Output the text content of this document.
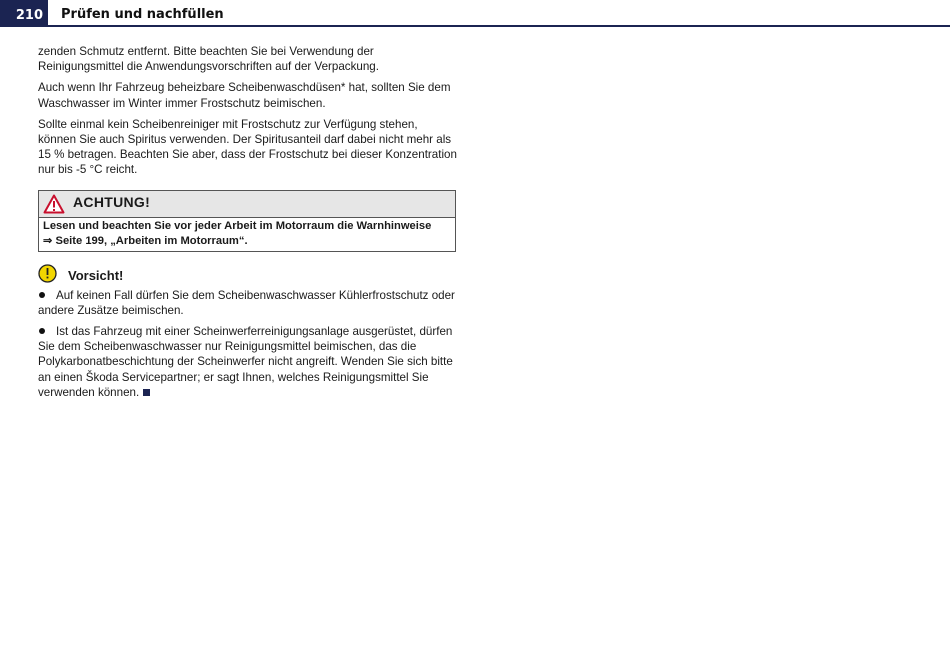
210	Prüfen und nachfüllen

zenden Schmutz entfernt. Bitte beachten Sie bei Verwendung der Reinigungsmittel die Anwendungsvorschriften auf der Verpackung.

Auch wenn Ihr Fahrzeug beheizbare Scheibenwaschdüsen* hat, sollten Sie dem Waschwasser im Winter immer Frostschutz beimischen.

Sollte einmal kein Scheibenreiniger mit Frostschutz zur Verfügung stehen, können Sie auch Spiritus verwenden. Der Spiritusanteil darf dabei nicht mehr als 15 % betragen. Beachten Sie aber, dass der Frostschutz bei dieser Konzentration nur bis -5 °C reicht.

ACHTUNG!
Lesen und beachten Sie vor jeder Arbeit im Motorraum die Warnhinweise
⇒ Seite 199, „Arbeiten im Motorraum“.
Vorsicht!

Auf keinen Fall dürfen Sie dem Scheibenwaschwasser Kühlerfrostschutz oder andere Zusätze beimischen.

Ist das Fahrzeug mit einer Scheinwerferreinigungsanlage ausgerüstet, dürfen Sie dem Scheibenwaschwasser nur Reinigungsmittel beimischen, das die Polykarbonatbeschichtung der Scheinwerfer nicht angreift. Wenden Sie sich bitte an einen Škoda Servicepartner; er sagt Ihnen, welches Reinigungsmittel Sie verwenden können.
